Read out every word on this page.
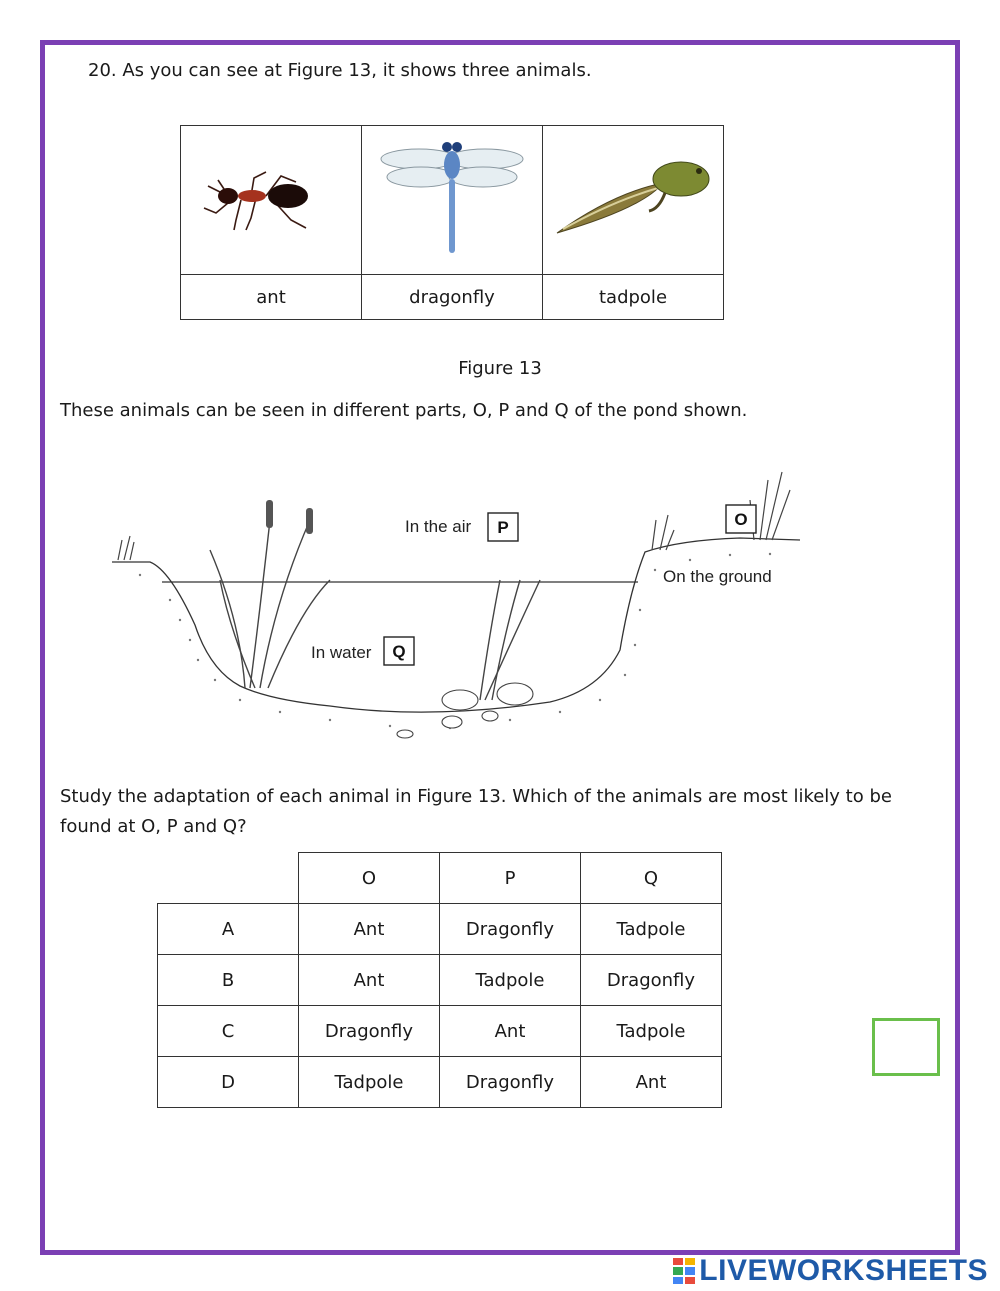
20. As you can see at Figure 13, it shows three animals.

ant	dragonfly	tadpole
Figure 13
These animals can be seen in different parts, O, P and Q of the pond shown.
In the air
On the ground
In water
P	O
Q
Study the adaptation of each animal in Figure 13. Which of the animals are most likely to be found at O, P and Q?
	O	P	Q
A	Ant	Dragonfly	Tadpole
B	Ant	Tadpole	Dragonfly
C	Dragonfly	Ant	Tadpole
D	Tadpole	Dragonfly	Ant
LIVEWORKSHEETS
